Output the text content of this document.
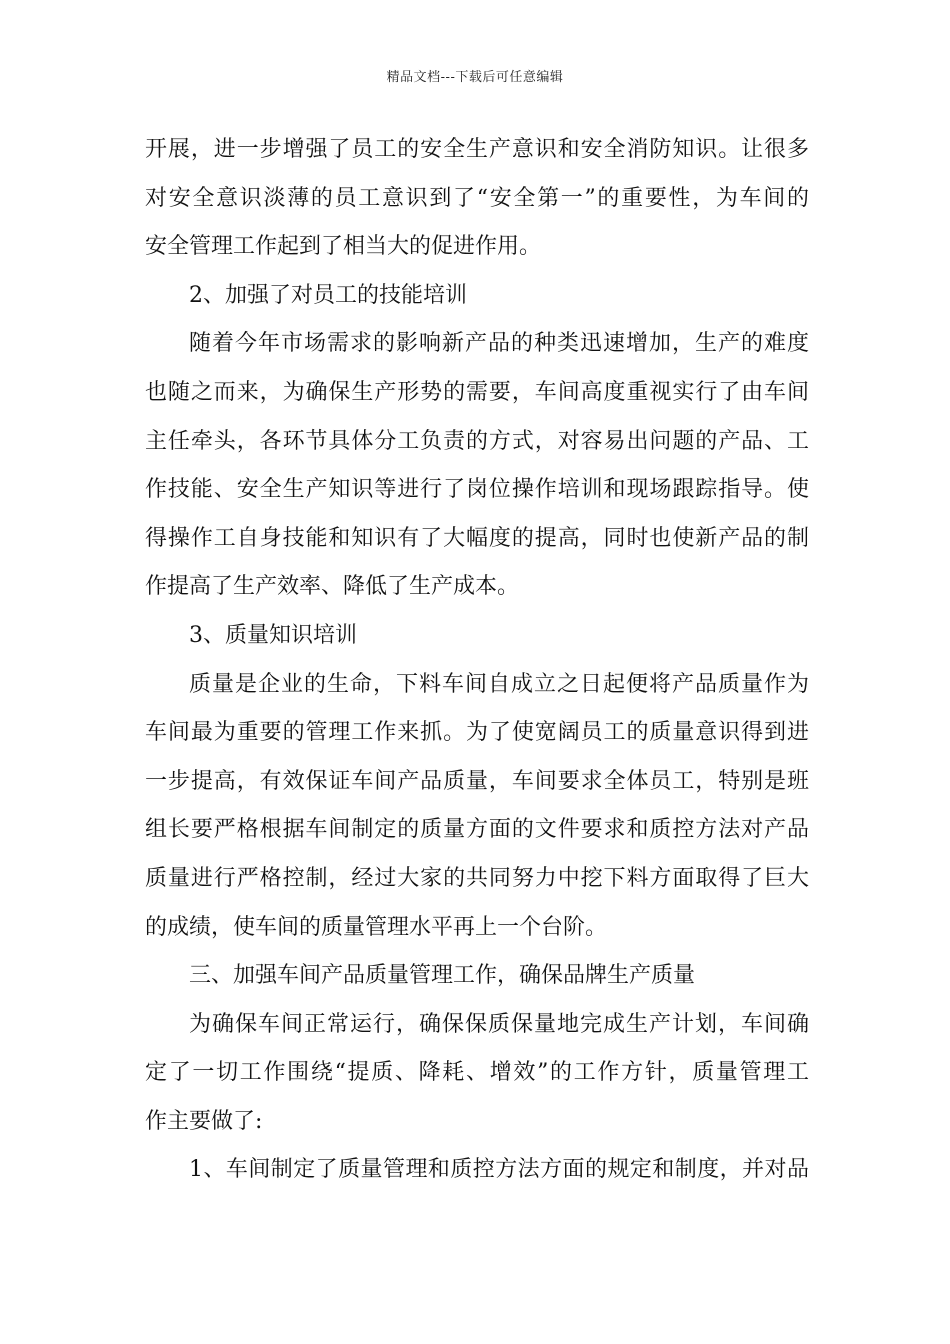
精品文档---下载后可任意编辑
开展，进一步增强了员工的安全生产意识和安全消防知识。让很多
对安全意识淡薄的员工意识到了“安全第一”的重要性，为车间的
安全管理工作起到了相当大的促进作用。
2、加强了对员工的技能培训
随着今年市场需求的影响新产品的种类迅速增加，生产的难度
也随之而来，为确保生产形势的需要，车间高度重视实行了由车间
主任牵头，各环节具体分工负责的方式，对容易出问题的产品、工
作技能、安全生产知识等进行了岗位操作培训和现场跟踪指导。使
得操作工自身技能和知识有了大幅度的提高，同时也使新产品的制
作提高了生产效率、降低了生产成本。
3、质量知识培训
质量是企业的生命，下料车间自成立之日起便将产品质量作为
车间最为重要的管理工作来抓。为了使宽阔员工的质量意识得到进
一步提高，有效保证车间产品质量，车间要求全体员工，特别是班
组长要严格根据车间制定的质量方面的文件要求和质控方法对产品
质量进行严格控制，经过大家的共同努力中挖下料方面取得了巨大
的成绩，使车间的质量管理水平再上一个台阶。
三、加强车间产品质量管理工作，确保品牌生产质量
为确保车间正常运行，确保保质保量地完成生产计划，车间确
定了一切工作围绕“提质、降耗、增效”的工作方针，质量管理工
作主要做了:
1、车间制定了质量管理和质控方法方面的规定和制度，并对品
